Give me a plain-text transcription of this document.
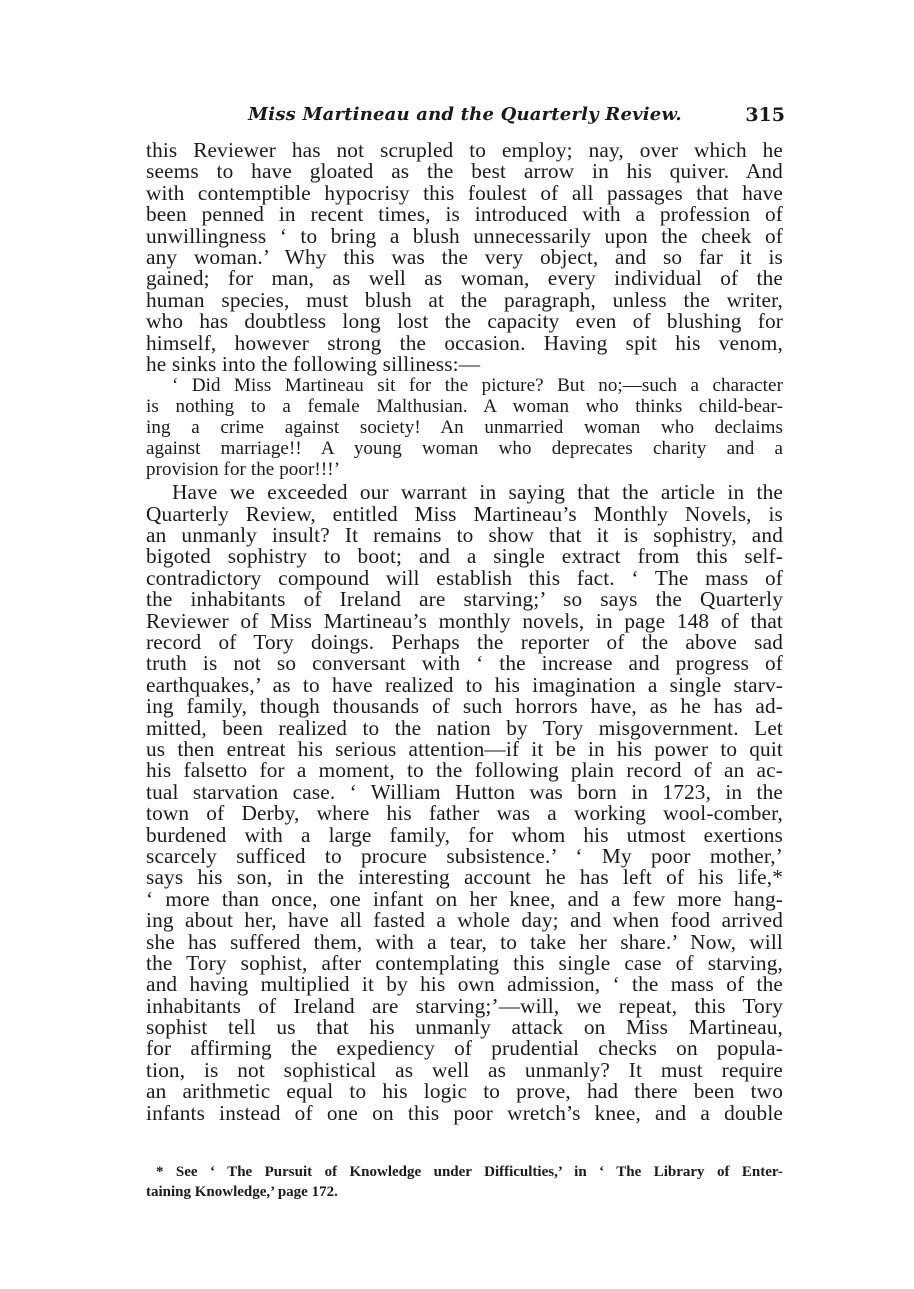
Miss Martineau and the Quarterly Review.	315
this Reviewer has not scrupled to employ; nay, over which he
seems to have gloated as the best arrow in his quiver. And
with contemptible hypocrisy this foulest of all passages that have
been penned in recent times, is introduced with a profession of
unwillingness ‘ to bring a blush unnecessarily upon the cheek of
any woman.’ Why this was the very object, and so far it is
gained; for man, as well as woman, every individual of the
human species, must blush at the paragraph, unless the writer,
who has doubtless long lost the capacity even of blushing for
himself, however strong the occasion. Having spit his venom,
he sinks into the following silliness:—
‘ Did Miss Martineau sit for the picture? But no;—such a character
is nothing to a female Malthusian. A woman who thinks child-bear-
ing a crime against society! An unmarried woman who declaims
against marriage!! A young woman who deprecates charity and a
provision for the poor!!!’
Have we exceeded our warrant in saying that the article in the
Quarterly Review, entitled Miss Martineau’s Monthly Novels, is
an unmanly insult? It remains to show that it is sophistry, and
bigoted sophistry to boot; and a single extract from this self-
contradictory compound will establish this fact. ‘ The mass of
the inhabitants of Ireland are starving;’ so says the Quarterly
Reviewer of Miss Martineau’s monthly novels, in page 148 of that
record of Tory doings. Perhaps the reporter of the above sad
truth is not so conversant with ‘ the increase and progress of
earthquakes,’ as to have realized to his imagination a single starv-
ing family, though thousands of such horrors have, as he has ad-
mitted, been realized to the nation by Tory misgovernment. Let
us then entreat his serious attention—if it be in his power to quit
his falsetto for a moment, to the following plain record of an ac-
tual starvation case. ‘ William Hutton was born in 1723, in the
town of Derby, where his father was a working wool-comber,
burdened with a large family, for whom his utmost exertions
scarcely sufficed to procure subsistence.’ ‘ My poor mother,’
says his son, in the interesting account he has left of his life,*
‘ more than once, one infant on her knee, and a few more hang-
ing about her, have all fasted a whole day; and when food arrived
she has suffered them, with a tear, to take her share.’ Now, will
the Tory sophist, after contemplating this single case of starving,
and having multiplied it by his own admission, ‘ the mass of the
inhabitants of Ireland are starving;’—will, we repeat, this Tory
sophist tell us that his unmanly attack on Miss Martineau,
for affirming the expediency of prudential checks on popula-
tion, is not sophistical as well as unmanly? It must require
an arithmetic equal to his logic to prove, had there been two
infants instead of one on this poor wretch’s knee, and a double
* See ‘ The Pursuit of Knowledge under Difficulties,’ in ‘ The Library of Enter-
taining Knowledge,’ page 172.
